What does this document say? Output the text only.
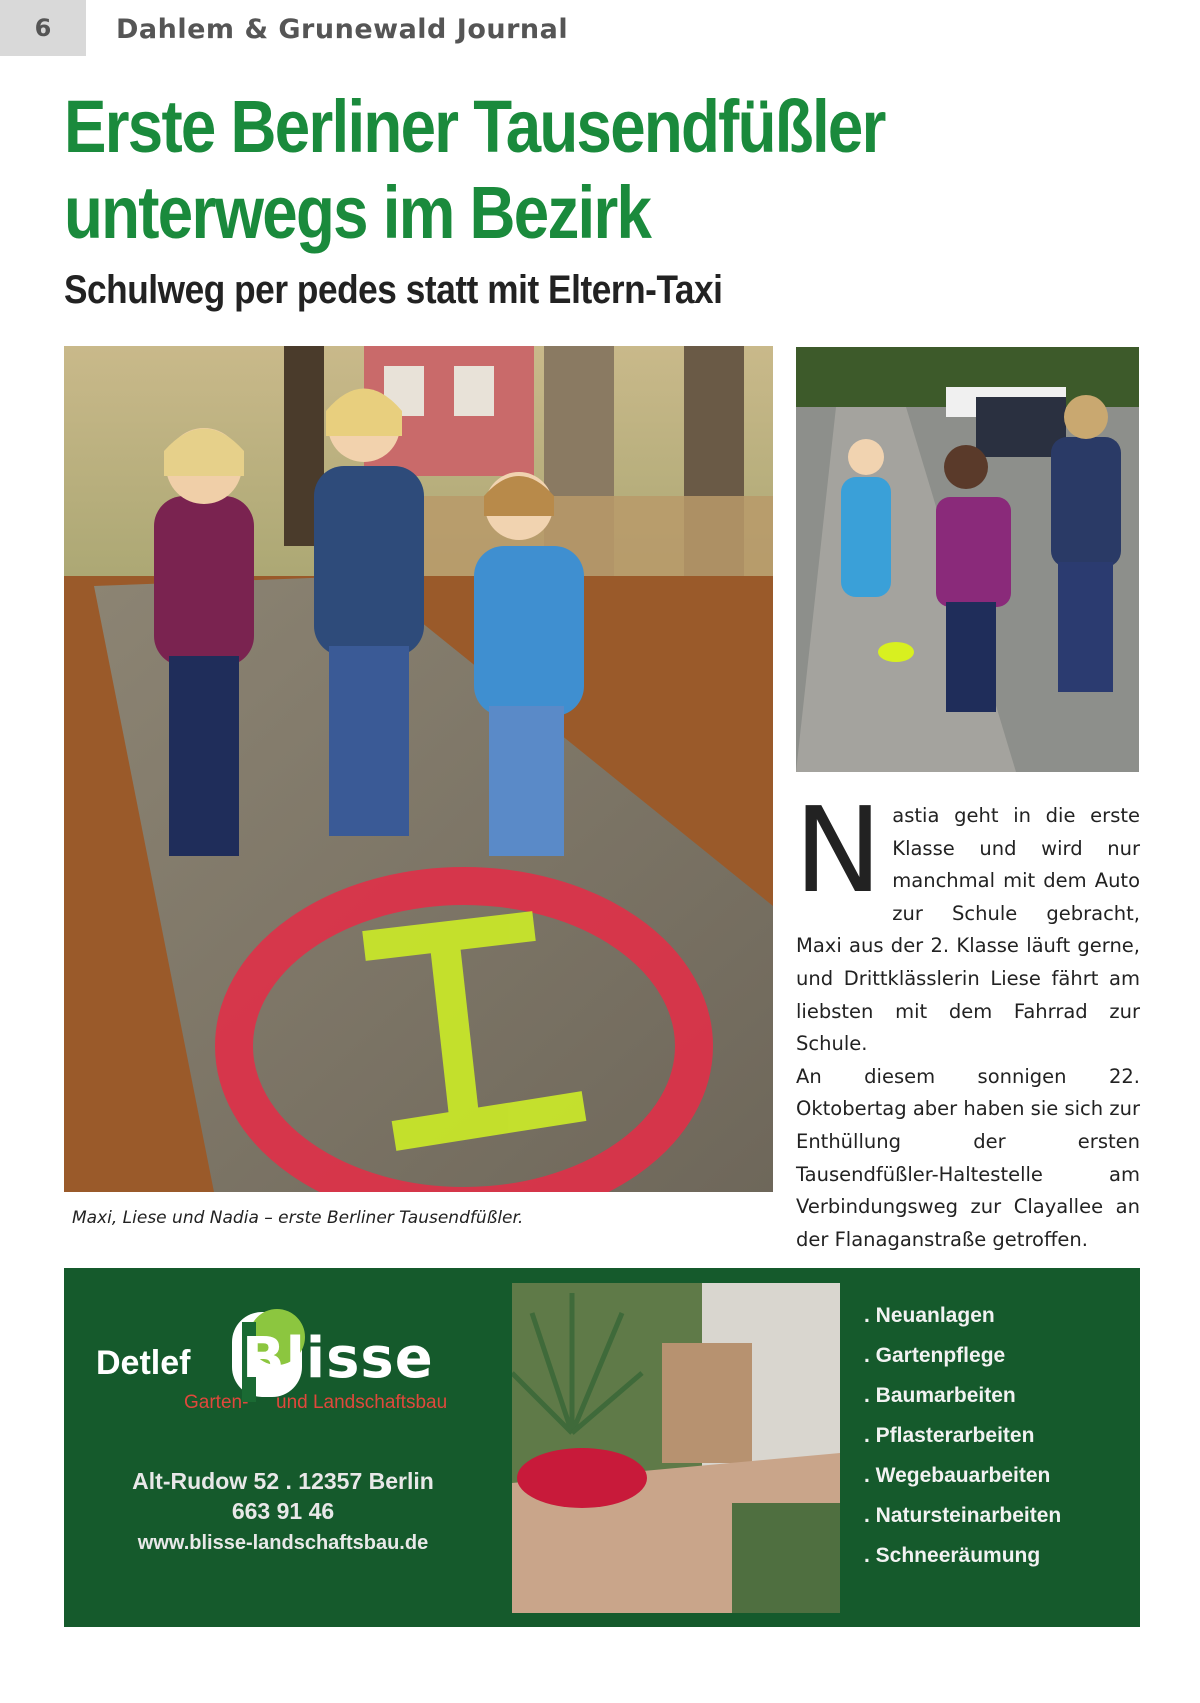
6	Dahlem & Grunewald Journal
Erste Berliner Tausendfüßler
unterwegs im Bezirk
Schulweg per pedes statt mit Eltern-Taxi
Maxi, Liese und Nadia – erste Berliner Tausendfüßler.
N astia geht in die erste Klasse und wird nur manchmal mit dem Auto zur Schule gebracht, Maxi aus der 2. Klasse läuft gerne, und Drittklässlerin Liese fährt am liebsten mit dem Fahrrad zur Schule.

An diesem sonnigen 22. Oktobertag aber haben sie sich zur Enthüllung der ersten Tausendfüßler-Haltestelle am Verbindungsweg zur Clayallee an der Flanaganstraße getroffen.

Detlef Blisse
Garten- und Landschaftsbau
Alt-Rudow 52 . 12357 Berlin
663 91 46
www.blisse-landschaftsbau.de
. Neuanlagen
. Gartenpflege
. Baumarbeiten
. Pflasterarbeiten
. Wegebauarbeiten
. Natursteinarbeiten
. Schneeräumung
